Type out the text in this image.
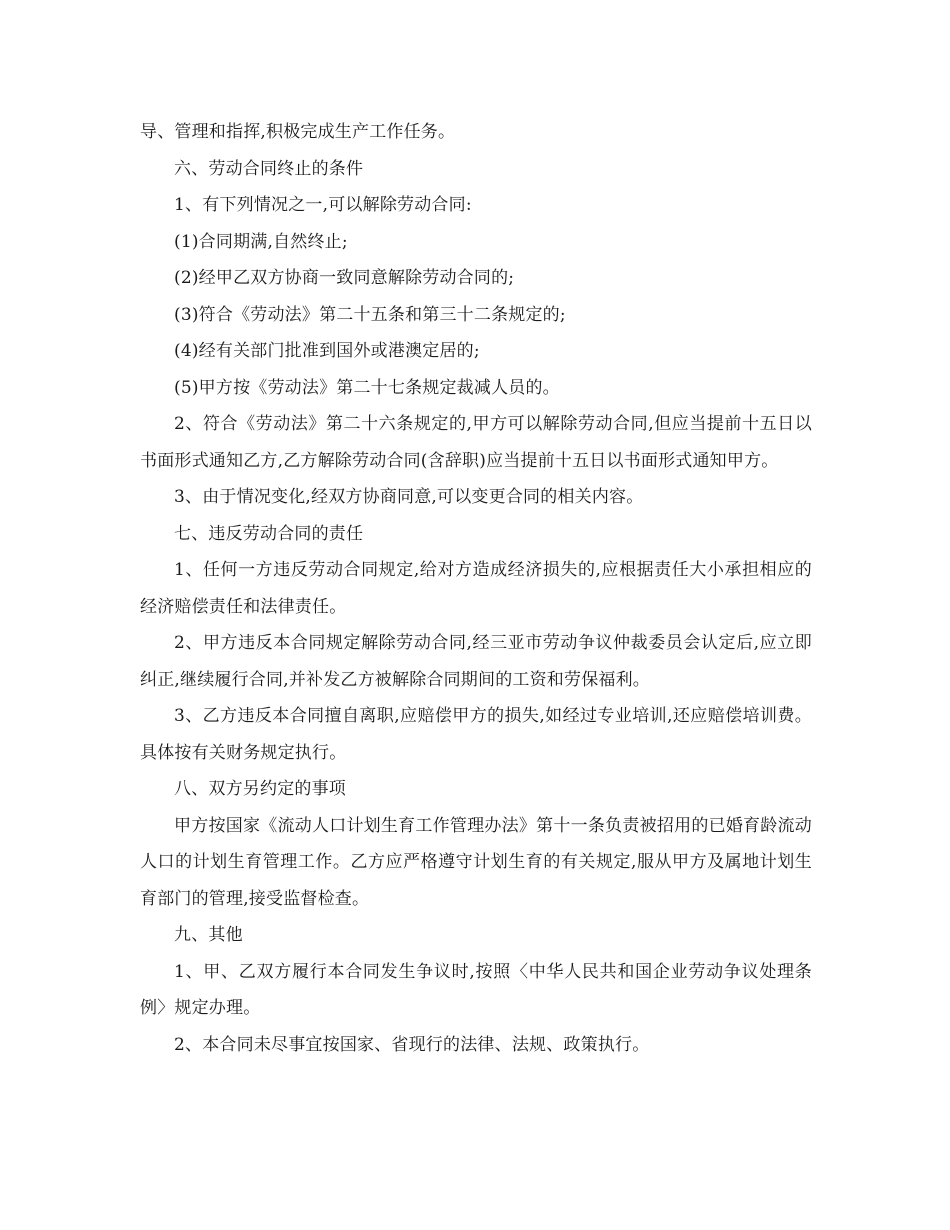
导、管理和指挥,积极完成生产工作任务。

六、劳动合同终止的条件

1、有下列情况之一,可以解除劳动合同:

(1)合同期满,自然终止;

(2)经甲乙双方协商一致同意解除劳动合同的;

(3)符合《劳动法》第二十五条和第三十二条规定的;

(4)经有关部门批准到国外或港澳定居的;

(5)甲方按《劳动法》第二十七条规定裁减人员的。

2、符合《劳动法》第二十六条规定的,甲方可以解除劳动合同,但应当提前十五日以书面形式通知乙方,乙方解除劳动合同(含辞职)应当提前十五日以书面形式通知甲方。

3、由于情况变化,经双方协商同意,可以变更合同的相关内容。

七、违反劳动合同的责任

1、任何一方违反劳动合同规定,给对方造成经济损失的,应根据责任大小承担相应的经济赔偿责任和法律责任。

2、甲方违反本合同规定解除劳动合同,经三亚市劳动争议仲裁委员会认定后,应立即纠正,继续履行合同,并补发乙方被解除合同期间的工资和劳保福利。

3、乙方违反本合同擅自离职,应赔偿甲方的损失,如经过专业培训,还应赔偿培训费。具体按有关财务规定执行。

八、双方另约定的事项

甲方按国家《流动人口计划生育工作管理办法》第十一条负责被招用的已婚育龄流动人口的计划生育管理工作。乙方应严格遵守计划生育的有关规定,服从甲方及属地计划生育部门的管理,接受监督检查。

九、其他

1、甲、乙双方履行本合同发生争议时,按照〈中华人民共和国企业劳动争议处理条例〉规定办理。

2、本合同未尽事宜按国家、省现行的法律、法规、政策执行。
